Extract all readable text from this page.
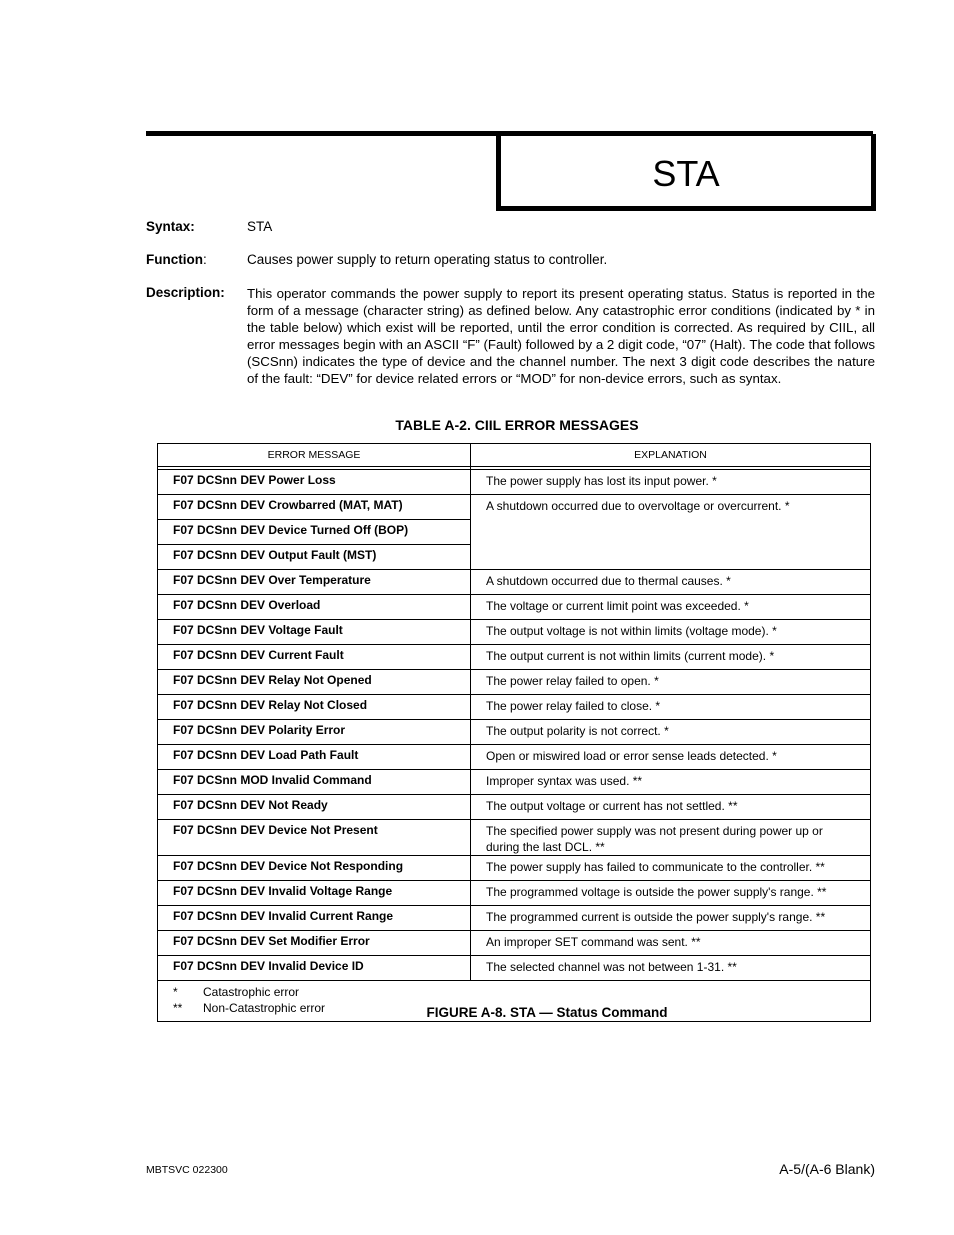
STA
Syntax:	STA
Function:	Causes power supply to return operating status to controller.
Description: This operator commands the power supply to report its present operating status. Status is reported in the form of a message (character string) as defined below. Any catastrophic error conditions (indicated by * in the table below) which exist will be reported, until the error condition is corrected. As required by CIIL, all error messages begin with an ASCII “F” (Fault) followed by a 2 digit code, “07” (Halt). The code that follows (SCSnn) indicates the type of device and the channel number. The next 3 digit code describes the nature of the fault: “DEV” for device related errors or “MOD” for non-device errors, such as syntax.
TABLE A-2. CIIL ERROR MESSAGES
ERROR MESSAGE	EXPLANATION

F07 DCSnn DEV Power Loss	The power supply has lost its input power. *
F07 DCSnn DEV Crowbarred (MAT, MAT)	A shutdown occurred due to overvoltage or overcurrent. *
F07 DCSnn DEV Device Turned Off (BOP)	
F07 DCSnn DEV Output Fault (MST)	
F07 DCSnn DEV Over Temperature	A shutdown occurred due to thermal causes. *
F07 DCSnn DEV Overload	The voltage or current limit point was exceeded. *
F07 DCSnn DEV Voltage Fault	The output voltage is not within limits (voltage mode). *
F07 DCSnn DEV Current Fault	The output current is not within limits (current mode). *
F07 DCSnn DEV Relay Not Opened	The power relay failed to open. *
F07 DCSnn DEV Relay Not Closed	The power relay failed to close. *
F07 DCSnn DEV Polarity Error	The output polarity is not correct. *
F07 DCSnn DEV Load Path Fault	Open or miswired load or error sense leads detected. *
F07 DCSnn MOD Invalid Command	Improper syntax was used. **
F07 DCSnn DEV Not Ready	The output voltage or current has not settled. **
F07 DCSnn DEV Device Not Present	The specified power supply was not present during power up or during the last DCL. **
F07 DCSnn DEV Device Not Responding	The power supply has failed to communicate to the controller. **
F07 DCSnn DEV Invalid Voltage Range	The programmed voltage is outside the power supply's range. **
F07 DCSnn DEV Invalid Current Range	The programmed current is outside the power supply's range. **
F07 DCSnn DEV Set Modifier Error	An improper SET command was sent. **
F07 DCSnn DEV Invalid Device ID	The selected channel was not between 1-31. **

* Catastrophic error
** Non-Catastrophic error		FIGURE A-8. STA — Status Command
MBTSVC 022300	A-5/(A-6 Blank)
